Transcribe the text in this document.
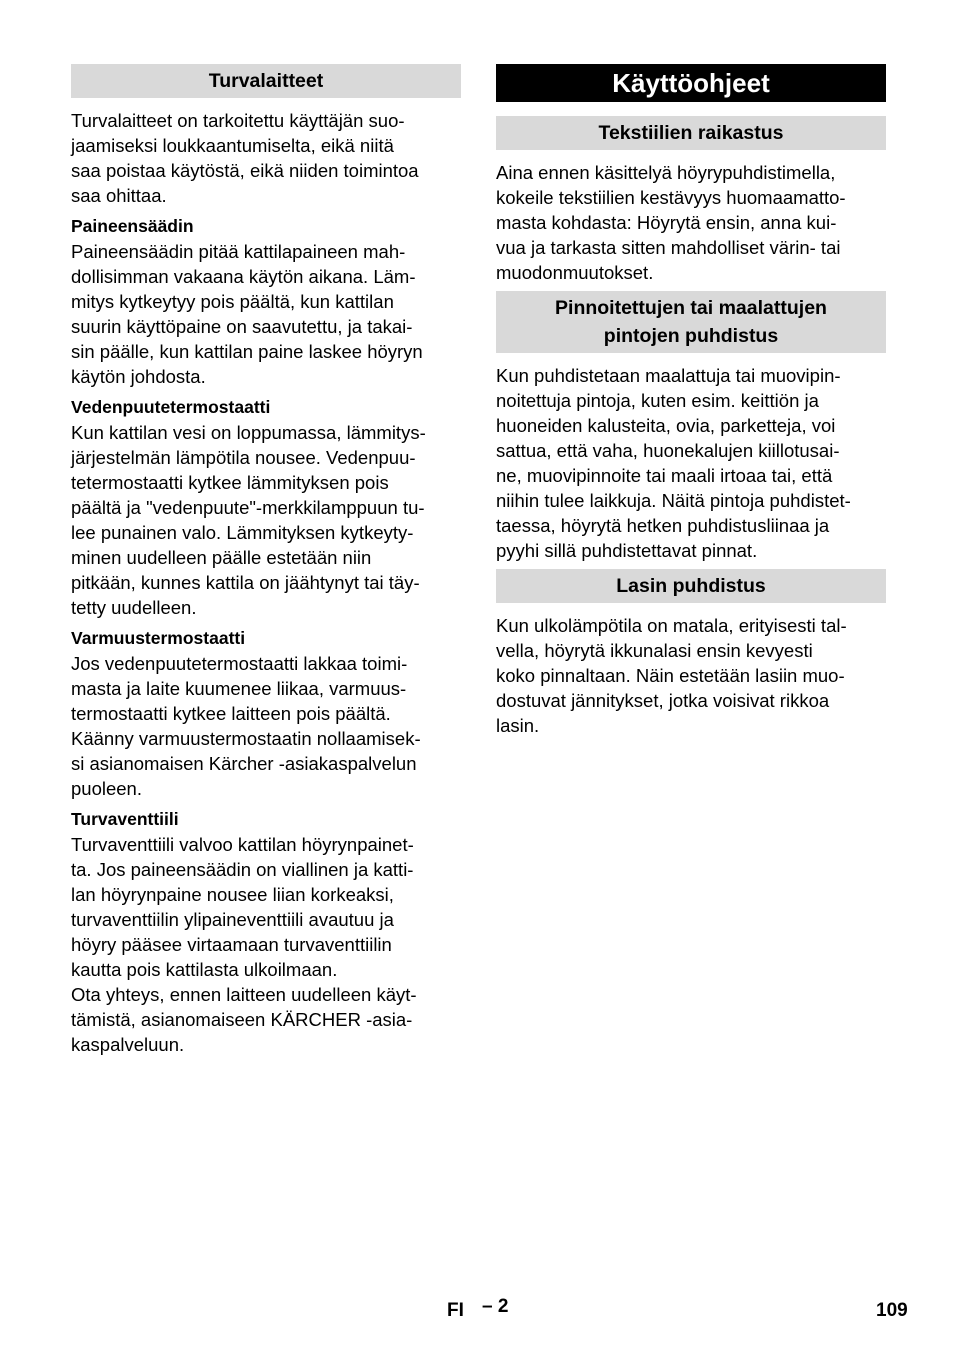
Turvalaitteet

Turvalaitteet on tarkoitettu käyttäjän suo-
jaamiseksi loukkaantumiselta, eikä niitä
saa poistaa käytöstä, eikä niiden toimintoa
saa ohittaa.

Paineensäädin

Paineensäädin pitää kattilapaineen mah-
dollisimman vakaana käytön aikana. Läm-
mitys kytkeytyy pois päältä, kun kattilan
suurin käyttöpaine on saavutettu, ja takai-
sin päälle, kun kattilan paine laskee höyryn
käytön johdosta.

Vedenpuutetermostaatti

Kun kattilan vesi on loppumassa, lämmitys-
järjestelmän lämpötila nousee. Vedenpuu-
tetermostaatti kytkee lämmityksen pois
päältä ja "vedenpuute"-merkkilamppuun tu-
lee punainen valo. Lämmityksen kytkeyty-
minen uudelleen päälle estetään niin
pitkään, kunnes kattila on jäähtynyt tai täy-
tetty uudelleen.

Varmuustermostaatti

Jos vedenpuutetermostaatti lakkaa toimi-
masta ja laite kuumenee liikaa, varmuus-
termostaatti kytkee laitteen pois päältä.
Käänny varmuustermostaatin nollaamisek-
si asianomaisen Kärcher -asiakaspalvelun
puoleen.

Turvaventtiili

Turvaventtiili valvoo kattilan höyrynpainet-
ta. Jos paineensäädin on viallinen ja katti-
lan höyrynpaine nousee liian korkeaksi,
turvaventtiilin ylipaineventtiili avautuu ja
höyry pääsee virtaamaan turvaventtiilin
kautta pois kattilasta ulkoilmaan.
Ota yhteys, ennen laitteen uudelleen käyt-
tämistä, asianomaiseen KÄRCHER -asia-
kaspalveluun.

Käyttöohjeet
Tekstiilien raikastus

Aina ennen käsittelyä höyrypuhdistimella,
kokeile tekstiilien kestävyys huomaamatto-
masta kohdasta: Höyrytä ensin, anna kui-
vua ja tarkasta sitten mahdolliset värin- tai
muodonmuutokset.

Pinnoitettujen tai maalattujen
pintojen puhdistus

Kun puhdistetaan maalattuja tai muovipin-
noitettuja pintoja, kuten esim. keittiön ja
huoneiden kalusteita, ovia, parketteja, voi
sattua, että vaha, huonekalujen kiillotusai-
ne, muovipinnoite tai maali irtoaa tai, että
niihin tulee laikkuja. Näitä pintoja puhdistet-
taessa, höyrytä hetken puhdistusliinaa ja
pyyhi sillä puhdistettavat pinnat.

Lasin puhdistus

Kun ulkolämpötila on matala, erityisesti tal-
vella, höyrytä ikkunalasi ensin kevyesti
koko pinnaltaan. Näin estetään lasiin muo-
dostuvat jännitykset, jotka voisivat rikkoa
lasin.

FI – 2	109
